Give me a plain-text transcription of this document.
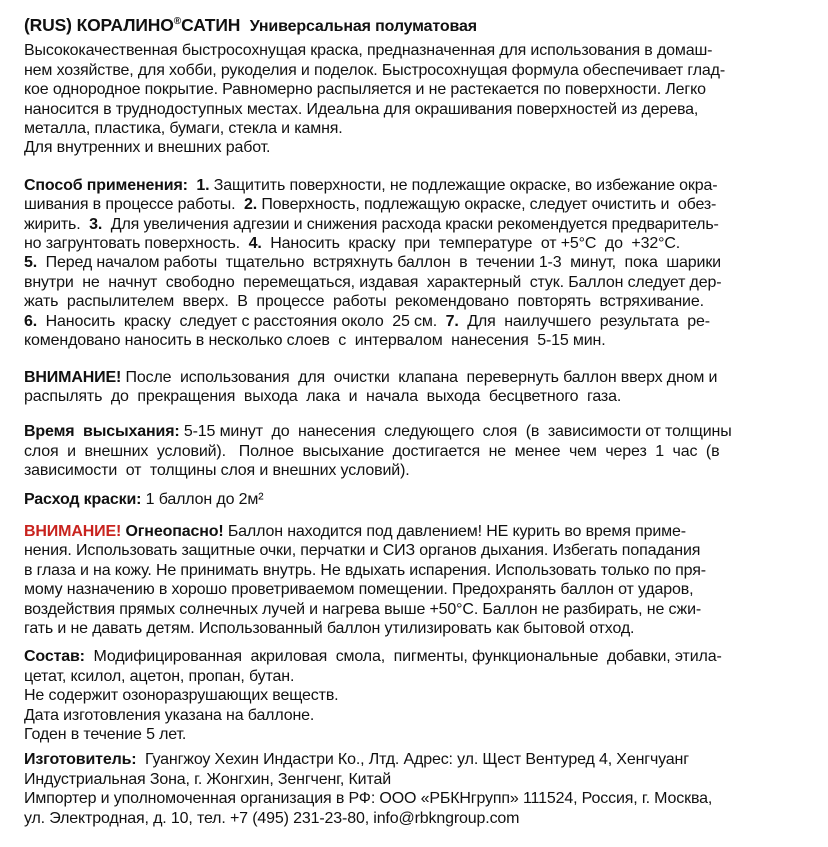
(RUS) КОРАЛИНО®САТИН Универсальная полуматовая
Высококачественная быстросохнущая краска, предназначенная для использования в домаш-
нем хозяйстве, для хобби, рукоделия и поделок. Быстросохнущая формула обеспечивает глад-
кое однородное покрытие. Равномерно распыляется и не растекается по поверхности. Легко
наносится в труднодоступных местах. Идеальна для окрашивания поверхностей из дерева,
металла, пластика, бумаги, стекла и камня.
Для внутренних и внешних работ.
Способ применения: 1. Защитить поверхности, не подлежащие окраске, во избежание окра-
шивания в процессе работы.  2. Поверхность, подлежащую окраске, следует очистить и  обез-
жирить.  3.  Для увеличения адгезии и снижения расхода краски рекомендуется предваритель-
но загрунтовать поверхность.  4.  Наносить  краску  при  температуре  от +5°С  до  +32°С.
5.  Перед началом работы  тщательно  встряхнуть баллон  в  течении 1-3  минут,  пока  шарики
внутри  не  начнут  свободно  перемещаться, издавая  характерный  стук. Баллон следует дер-
жать  распылителем  вверх.  В  процессе  работы  рекомендовано  повторять  встряхивание.
6.  Наносить  краску  следует с расстояния около  25 см.  7.  Для  наилучшего  результата  ре-
комендовано наносить в несколько слоев  с  интервалом  нанесения  5-15 мин.
ВНИМАНИЕ! После  использования  для  очистки  клапана  перевернуть баллон вверх дном и
распылять  до  прекращения  выхода  лака  и  начала  выхода  бесцветного  газа.
Время  высыхания: 5-15 минут  до  нанесения  следующего  слоя  (в  зависимости от толщины
слоя  и  внешних  условий).   Полное  высыхание  достигается  не  менее  чем  через  1  час  (в
зависимости  от  толщины слоя и внешних условий).
Расход краски: 1 баллон до 2м²
ВНИМАНИЕ! Огнеопасно! Баллон находится под давлением! НЕ курить во время приме-
нения. Использовать защитные очки, перчатки и СИЗ органов дыхания. Избегать попадания
в глаза и на кожу. Не принимать внутрь. Не вдыхать испарения. Использовать только по пря-
мому назначению в хорошо проветриваемом помещении. Предохранять баллон от ударов,
воздействия прямых солнечных лучей и нагрева выше +50°С. Баллон не разбирать, не сжи-
гать и не давать детям. Использованный баллон утилизировать как бытовой отход.
Состав:  Модифицированная  акриловая  смола,  пигменты, функциональные  добавки, этила-
цетат, ксилол, ацетон, пропан, бутан.
Не содержит озоноразрушающих веществ.
Дата изготовления указана на баллоне.
Годен в течение 5 лет.
Изготовитель:  Гуангжоу Хехин Индастри Ко., Лтд. Адрес: ул. Щест Вентуред 4, Хенгчуанг
Индустриальная Зона, г. Жонгхин, Зенгченг, Китай
Импортер и уполномоченная организация в РФ: ООО «РБКНгрупп» 111524, Россия, г. Москва,
ул. Электродная, д. 10, тел. +7 (495) 231-23-80, info@rbkngroup.com
